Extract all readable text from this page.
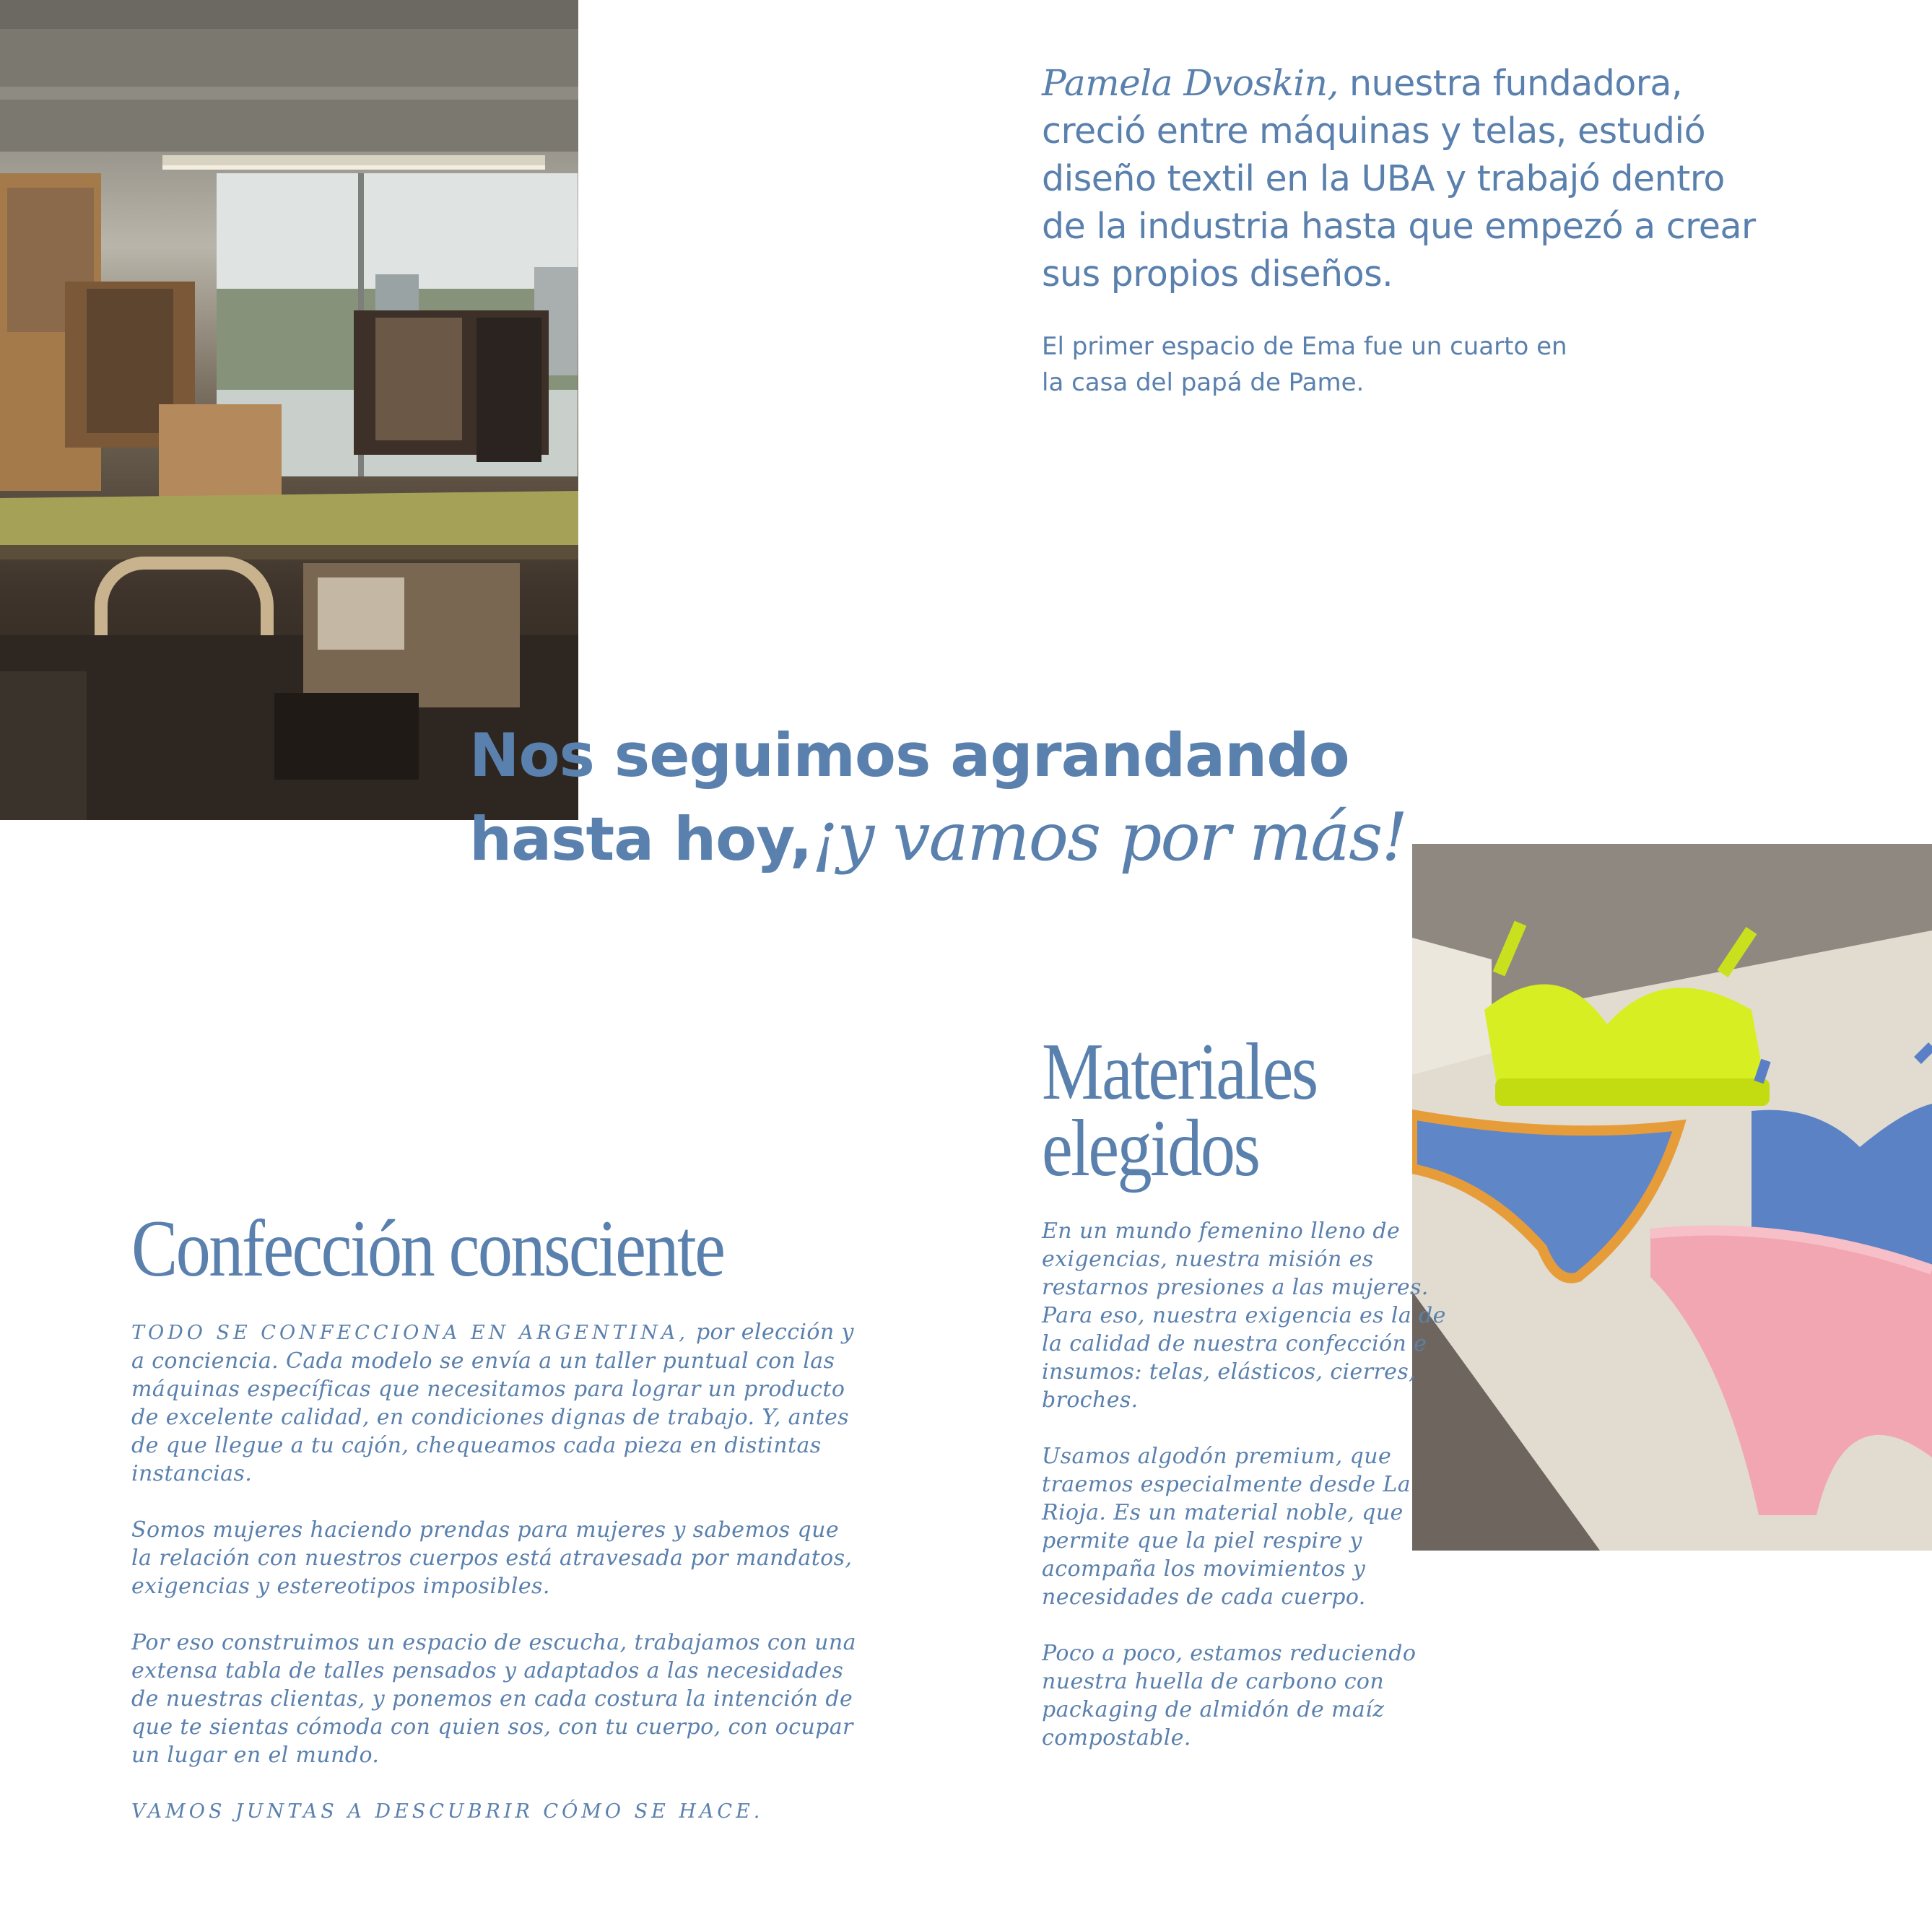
Pamela Dvoskin, nuestra fundadora, creció entre máquinas y telas, estudió diseño textil en la UBA y trabajó dentro de la industria hasta que empezó a crear sus propios diseños.

El primer espacio de Ema fue un cuarto en la casa del papá de Pame.

Nos seguimos agrandando
hasta hoy,¡y vamos por más!
Materiales elegidos

En un mundo femenino lleno de exigencias, nuestra misión es restarnos presiones a las mujeres. Para eso, nuestra exigencia es la de la calidad de nuestra confección e insumos: telas, elásticos, cierres, broches.

Usamos algodón premium, que traemos especialmente desde La Rioja. Es un material noble, que permite que la piel respire y acompaña los movimientos y necesidades de cada cuerpo.

Poco a poco, estamos reduciendo nuestra huella de carbono con packaging de almidón de maíz compostable.

Confección consciente

TODO SE CONFECCIONA EN ARGENTINA, por elección y a conciencia. Cada modelo se envía a un taller puntual con las máquinas específicas que necesitamos para lograr un producto de excelente calidad, en condiciones dignas de trabajo. Y, antes de que llegue a tu cajón, chequeamos cada pieza en distintas instancias.

Somos mujeres haciendo prendas para mujeres y sabemos que la relación con nuestros cuerpos está atravesada por mandatos, exigencias y estereotipos imposibles.

Por eso construimos un espacio de escucha, trabajamos con una extensa tabla de talles pensados y adaptados a las necesidades de nuestras clientas, y ponemos en cada costura la intención de que te sientas cómoda con quien sos, con tu cuerpo, con ocupar un lugar en el mundo.

VAMOS JUNTAS A DESCUBRIR CÓMO SE HACE.
